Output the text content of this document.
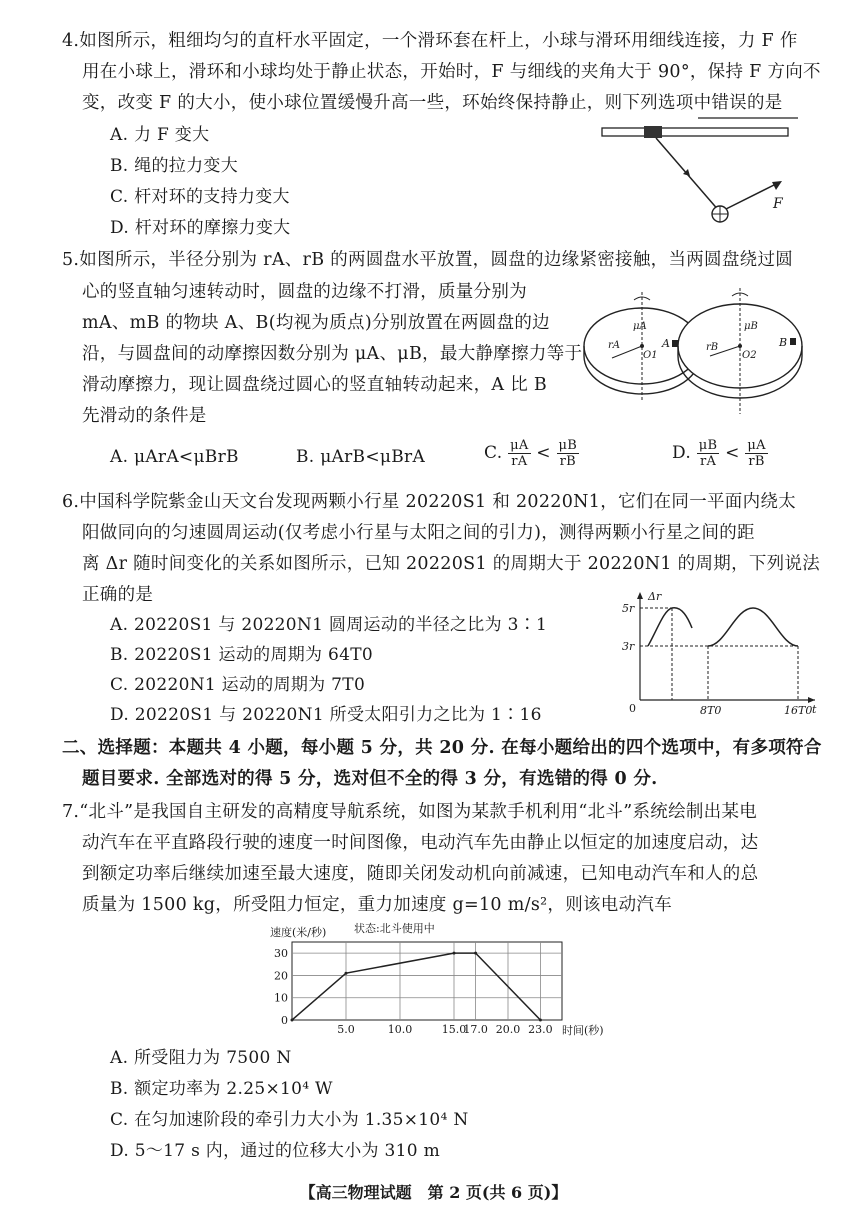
4.如图所示，粗细均匀的直杆水平固定，一个滑环套在杆上，小球与滑环用细线连接，力 F 作
用在小球上，滑环和小球均处于静止状态，开始时，F 与细线的夹角大于 90°，保持 F 方向不
变，改变 F 的大小，使小球位置缓慢升高一些，环始终保持静止，则下列选项中错误的是
A. 力 F 变大
B. 绳的拉力变大
C. 杆对环的支持力变大
D. 杆对环的摩擦力变大
F
5.如图所示，半径分别为 rA、rB 的两圆盘水平放置，圆盘的边缘紧密接触，当两圆盘绕过圆
心的竖直轴匀速转动时，圆盘的边缘不打滑，质量分别为
mA、mB 的物块 A、B(均视为质点)分别放置在两圆盘的边
沿，与圆盘间的动摩擦因数分别为 μA、μB，最大静摩擦力等于
滑动摩擦力，现让圆盘绕过圆心的竖直轴转动起来，A 比 B
先滑动的条件是
μA	μB
rA	rB
O1	O2
A	B
A. μArA<μBrB	B. μArB<μBrA	C. $\frac{\mu A}{rA} < \frac{\mu B}{rB}$	D. $\frac{\mu B}{rA} < \frac{\mu A}{rB}$
6.中国科学院紫金山天文台发现两颗小行星 20220S1 和 20220N1，它们在同一平面内绕太
阳做同向的匀速圆周运动(仅考虑小行星与太阳之间的引力)，测得两颗小行星之间的距
离 Δr 随时间变化的关系如图所示，已知 20220S1 的周期大于 20220N1 的周期，下列说法
正确的是
A. 20220S1 与 20220N1 圆周运动的半径之比为 3∶1
B. 20220S1 运动的周期为 64T0
C. 20220N1 运动的周期为 7T0
D. 20220S1 与 20220N1 所受太阳引力之比为 1∶16
Δr
5r
3r
0	8T0	16T0 t
二、选择题：本题共 4 小题，每小题 5 分，共 20 分. 在每小题给出的四个选项中，有多项符合
题目要求. 全部选对的得 5 分，选对但不全的得 3 分，有选错的得 0 分.
7.“北斗”是我国自主研发的高精度导航系统，如图为某款手机利用“北斗”系统绘制出某电
动汽车在平直路段行驶的速度一时间图像，电动汽车先由静止以恒定的加速度启动，达
到额定功率后继续加速至最大速度，随即关闭发动机向前减速，已知电动汽车和人的总
质量为 1500 kg，所受阻力恒定，重力加速度 g=10 m/s²，则该电动汽车
速度(米/秒)	状态:北斗使用中
时间(秒)
0
10
20
30
5.0	10.0	15.0
17.0 20.0 23.0
A. 所受阻力为 7500 N
B. 额定功率为 2.25×10⁴ W
C. 在匀加速阶段的牵引力大小为 1.35×10⁴ N
D. 5～17 s 内，通过的位移大小为 310 m
【高三物理试题　第 2 页(共 6 页)】
